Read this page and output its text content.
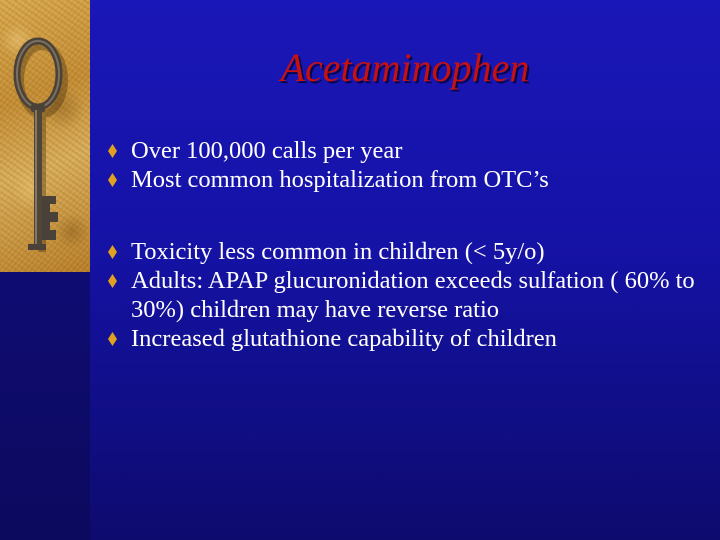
Acetaminophen
Over 100,000 calls per year
Most common hospitalization from OTC’s
Toxicity less common in children (< 5y/o)
Adults: APAP glucuronidation exceeds sulfation ( 60% to 30%) children may have reverse ratio
Increased glutathione capability of children
